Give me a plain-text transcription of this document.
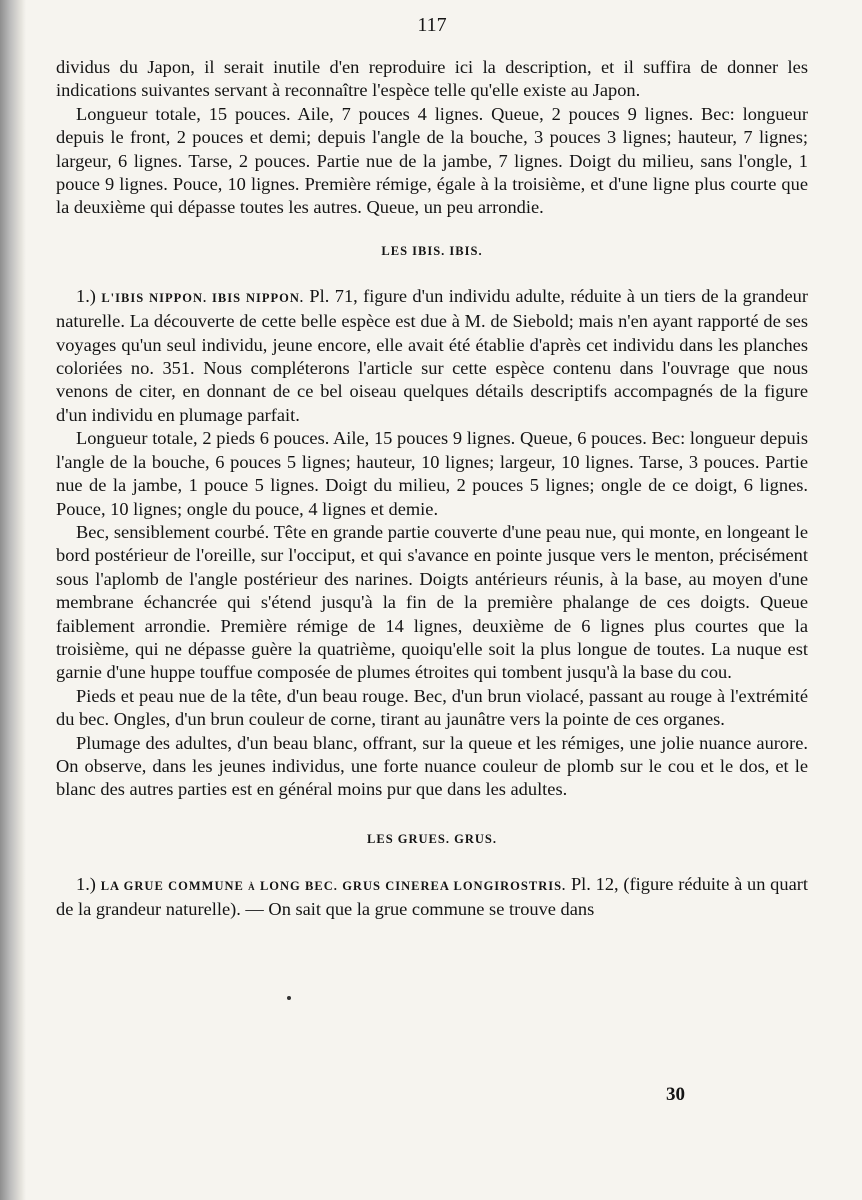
117

dividus du Japon, il serait inutile d'en reproduire ici la description, et il suffira de donner les indications suivantes servant à reconnaître l'espèce telle qu'elle existe au Japon.

Longueur totale, 15 pouces. Aile, 7 pouces 4 lignes. Queue, 2 pouces 9 lignes. Bec: longueur depuis le front, 2 pouces et demi; depuis l'angle de la bouche, 3 pouces 3 lignes; hauteur, 7 lignes; largeur, 6 lignes. Tarse, 2 pouces. Partie nue de la jambe, 7 lignes. Doigt du milieu, sans l'ongle, 1 pouce 9 lignes. Pouce, 10 lignes. Première rémige, égale à la troisième, et d'une ligne plus courte que la deuxième qui dépasse toutes les autres. Queue, un peu arrondie.

LES IBIS. IBIS.

1.) L'IBIS NIPPON. IBIS NIPPON. Pl. 71, figure d'un individu adulte, réduite à un tiers de la grandeur naturelle. La découverte de cette belle espèce est due à M. de Siebold; mais n'en ayant rapporté de ses voyages qu'un seul individu, jeune encore, elle avait été établie d'après cet individu dans les planches coloriées no. 351. Nous compléterons l'article sur cette espèce contenu dans l'ouvrage que nous venons de citer, en donnant de ce bel oiseau quelques détails descriptifs accompagnés de la figure d'un individu en plumage parfait.

Longueur totale, 2 pieds 6 pouces. Aile, 15 pouces 9 lignes. Queue, 6 pouces. Bec: longueur depuis l'angle de la bouche, 6 pouces 5 lignes; hauteur, 10 lignes; largeur, 10 lignes. Tarse, 3 pouces. Partie nue de la jambe, 1 pouce 5 lignes. Doigt du milieu, 2 pouces 5 lignes; ongle de ce doigt, 6 lignes. Pouce, 10 lignes; ongle du pouce, 4 lignes et demie.

Bec, sensiblement courbé. Tête en grande partie couverte d'une peau nue, qui monte, en longeant le bord postérieur de l'oreille, sur l'occiput, et qui s'avance en pointe jusque vers le menton, précisément sous l'aplomb de l'angle postérieur des narines. Doigts antérieurs réunis, à la base, au moyen d'une membrane échancrée qui s'étend jusqu'à la fin de la première phalange de ces doigts. Queue faiblement arrondie. Première rémige de 14 lignes, deuxième de 6 lignes plus courtes que la troisième, qui ne dépasse guère la quatrième, quoiqu'elle soit la plus longue de toutes. La nuque est garnie d'une huppe touffue composée de plumes étroites qui tombent jusqu'à la base du cou.

Pieds et peau nue de la tête, d'un beau rouge. Bec, d'un brun violacé, passant au rouge à l'extrémité du bec. Ongles, d'un brun couleur de corne, tirant au jaunâtre vers la pointe de ces organes.

Plumage des adultes, d'un beau blanc, offrant, sur la queue et les rémiges, une jolie nuance aurore. On observe, dans les jeunes individus, une forte nuance couleur de plomb sur le cou et le dos, et le blanc des autres parties est en général moins pur que dans les adultes.

LES GRUES. GRUS.

1.) LA GRUE COMMUNE à LONG BEC. GRUS CINEREA LONGIROSTRIS. Pl. 12, (figure réduite à un quart de la grandeur naturelle). — On sait que la grue commune se trouve dans

30
